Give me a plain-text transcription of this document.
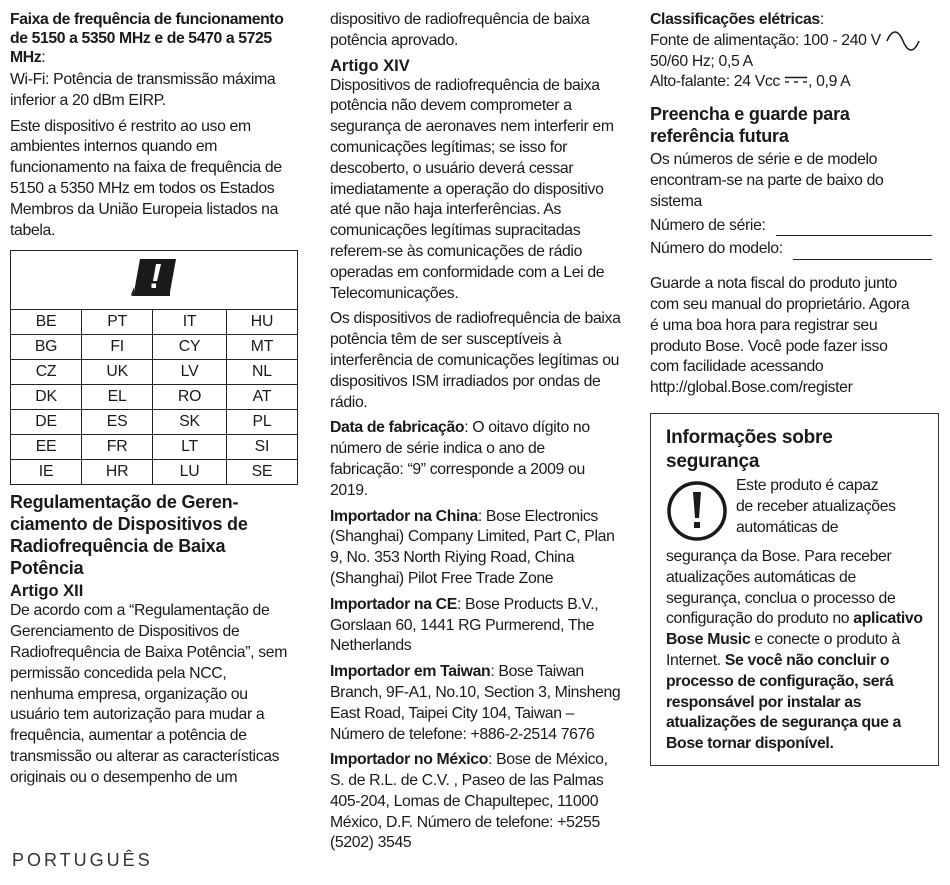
Faixa de frequência de funcionamento de 5150 a 5350 MHz e de 5470 a 5725 MHz:

Wi-Fi: Potência de transmissão máxima inferior a 20 dBm EIRP.

Este dispositivo é restrito ao uso em ambientes internos quando em funcionamento na faixa de frequência de 5150 a 5350 MHz em todos os Estados Membros da União Europeia listados na tabela.

BE	PT	IT	HU
BG	FI	CY	MT
CZ	UK	LV	NL
DK	EL	RO	AT
DE	ES	SK	PL
EE	FR	LT	SI
IE	HR	LU	SE
Regulamentação de Geren-ciamento de Dispositivos de Radiofrequência de Baixa Potência
Artigo XII

De acordo com a “Regulamentação de Gerenciamento de Dispositivos de Radiofrequência de Baixa Potência”, sem permissão concedida pela NCC, nenhuma empresa, organização ou usuário tem autorização para mudar a frequência, aumentar a potência de transmissão ou alterar as características originais ou o desempenho de um

dispositivo de radiofrequência de baixa potência aprovado.

Artigo XIV

Dispositivos de radiofrequência de baixa potência não devem comprometer a segurança de aeronaves nem interferir em comunicações legítimas; se isso for descoberto, o usuário deverá cessar imediatamente a operação do dispositivo até que não haja interferências. As comunicações legítimas supracitadas referem-se às comunicações de rádio operadas em conformidade com a Lei de Telecomunicações.

Os dispositivos de radiofrequência de baixa potência têm de ser susceptíveis à interferência de comunicações legítimas ou dispositivos ISM irradiados por ondas de rádio.

Data de fabricação: O oitavo dígito no número de série indica o ano de fabricação: “9” corresponde a 2009 ou 2019.

Importador na China: Bose Electronics (Shanghai) Company Limited, Part C, Plan 9, No. 353 North Riying Road, China (Shanghai) Pilot Free Trade Zone

Importador na CE: Bose Products B.V., Gorslaan 60, 1441 RG Purmerend, The Netherlands

Importador em Taiwan: Bose Taiwan Branch, 9F-A1, No.10, Section 3, Minsheng East Road, Taipei City 104, Taiwan – Número de telefone: +886-2-2514 7676

Importador no México: Bose de México, S. de R.L. de C.V. , Paseo de las Palmas 405-204, Lomas de Chapultepec, 11000 México, D.F. Número de telefone: +5255 (5202) 3545

Classificações elétricas:

Fonte de alimentação: 100 - 240 V

50/60 Hz; 0,5 A

Alto-falante: 24 Vcc , 0,9 A

Preencha e guarde para referência futura

Os números de série e de modelo encontram-se na parte de baixo do sistema

Número de série:
Número do modelo:

Guarde a nota fiscal do produto junto com seu manual do proprietário. Agora é uma boa hora para registrar seu produto Bose. Você pode fazer isso com facilidade acessando http://global.Bose.com/register

Informações sobre segurança

Este produto é capaz de receber atualizações automáticas de

segurança da Bose. Para receber atualizações automáticas de segurança, conclua o processo de configuração do produto no aplicativo Bose Music e conecte o produto à Internet. Se você não concluir o processo de configuração, será responsável por instalar as atualizações de segurança que a Bose tornar disponível.

PORTUGUÊS
